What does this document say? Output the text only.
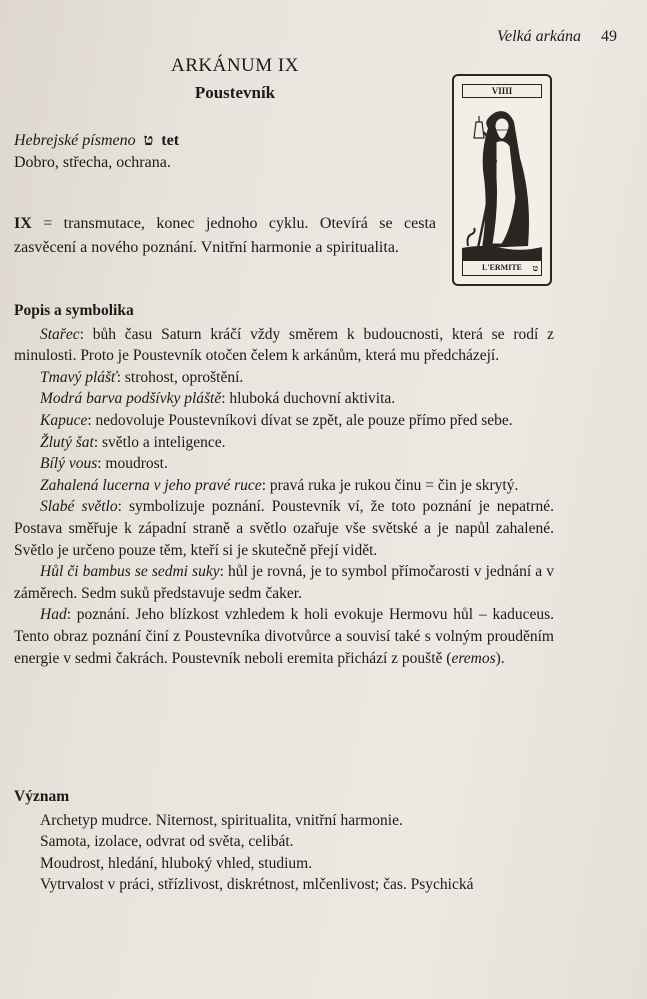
Velká arkána 49
ARKÁNUM IX
Poustevník	VIIII
L'ERMITE ט
Hebrejské písmeno ט tet
Dobro, střecha, ochrana.
IX = transmutace, konec jednoho cyklu. Otevírá se cesta zasvěcení a nového poznání. Vnitřní harmonie a spiritualita.
Popis a symbolika
Stařec: bůh času Saturn kráčí vždy směrem k budoucnosti, která se rodí z minulosti. Proto je Poustevník otočen čelem k arkánům, která mu předcházejí.
Tmavý plášť: strohost, oproštění.
Modrá barva podšívky pláště: hluboká duchovní aktivita.
Kapuce: nedovoluje Poustevníkovi dívat se zpět, ale pouze přímo před sebe.
Žlutý šat: světlo a inteligence.
Bílý vous: moudrost.
Zahalená lucerna v jeho pravé ruce: pravá ruka je rukou činu = čin je skrytý.
Slabé světlo: symbolizuje poznání. Poustevník ví, že toto poznání je nepatrné. Postava směřuje k západní straně a světlo ozařuje vše světské a je napůl zahalené. Světlo je určeno pouze těm, kteří si je skutečně přejí vidět.
Hůl či bambus se sedmi suky: hůl je rovná, je to symbol přímočarosti v jednání a v záměrech. Sedm suků představuje sedm čaker.
Had: poznání. Jeho blízkost vzhledem k holi evokuje Hermovu hůl – kaduceus. Tento obraz poznání činí z Poustevníka divotvůrce a souvisí také s volným prouděním energie v sedmi čakrách. Poustevník neboli eremita přichází z pouště (eremos).
Význam
Archetyp mudrce. Niternost, spiritualita, vnitřní harmonie.
Samota, izolace, odvrat od světa, celibát.
Moudrost, hledání, hluboký vhled, studium.
Vytrvalost v práci, střízlivost, diskrétnost, mlčenlivost; čas. Psychická
